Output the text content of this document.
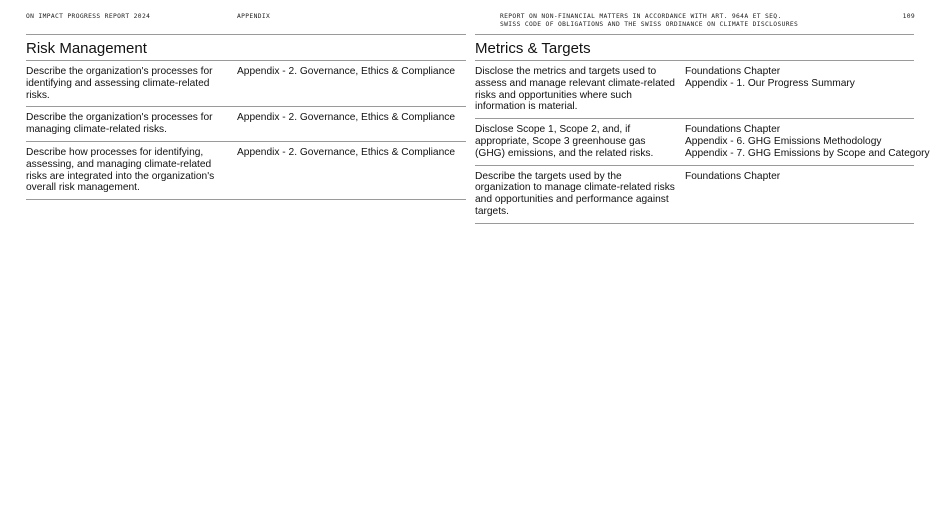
ON IMPACT PROGRESS REPORT 2024	APPENDIX	REPORT ON NON-FINANCIAL MATTERS IN ACCORDANCE WITH ART. 964A ET SEQ.
SWISS CODE OF OBLIGATIONS AND THE SWISS ORDINANCE ON CLIMATE DISCLOSURES
109
Risk Management
Describe the organization's processes for identifying and assessing climate-related risks.
Appendix - 2. Governance, Ethics & Compliance
Describe the organization's processes for managing climate-related risks.
Appendix - 2. Governance, Ethics & Compliance
Describe how processes for identifying, assessing, and managing climate-related risks are integrated into the organization's overall risk management.
Appendix - 2. Governance, Ethics & Compliance
Metrics & Targets
Disclose the metrics and targets used to assess and manage relevant climate-related risks and opportunities where such information is material.
Foundations Chapter
Appendix - 1. Our Progress Summary
Disclose Scope 1, Scope 2, and, if appropriate, Scope 3 greenhouse gas (GHG) emissions, and the related risks.
Foundations Chapter
Appendix - 6. GHG Emissions Methodology
Appendix - 7. GHG Emissions by Scope and Category
Describe the targets used by the organization to manage climate-related risks and opportunities and performance against targets.
Foundations Chapter
